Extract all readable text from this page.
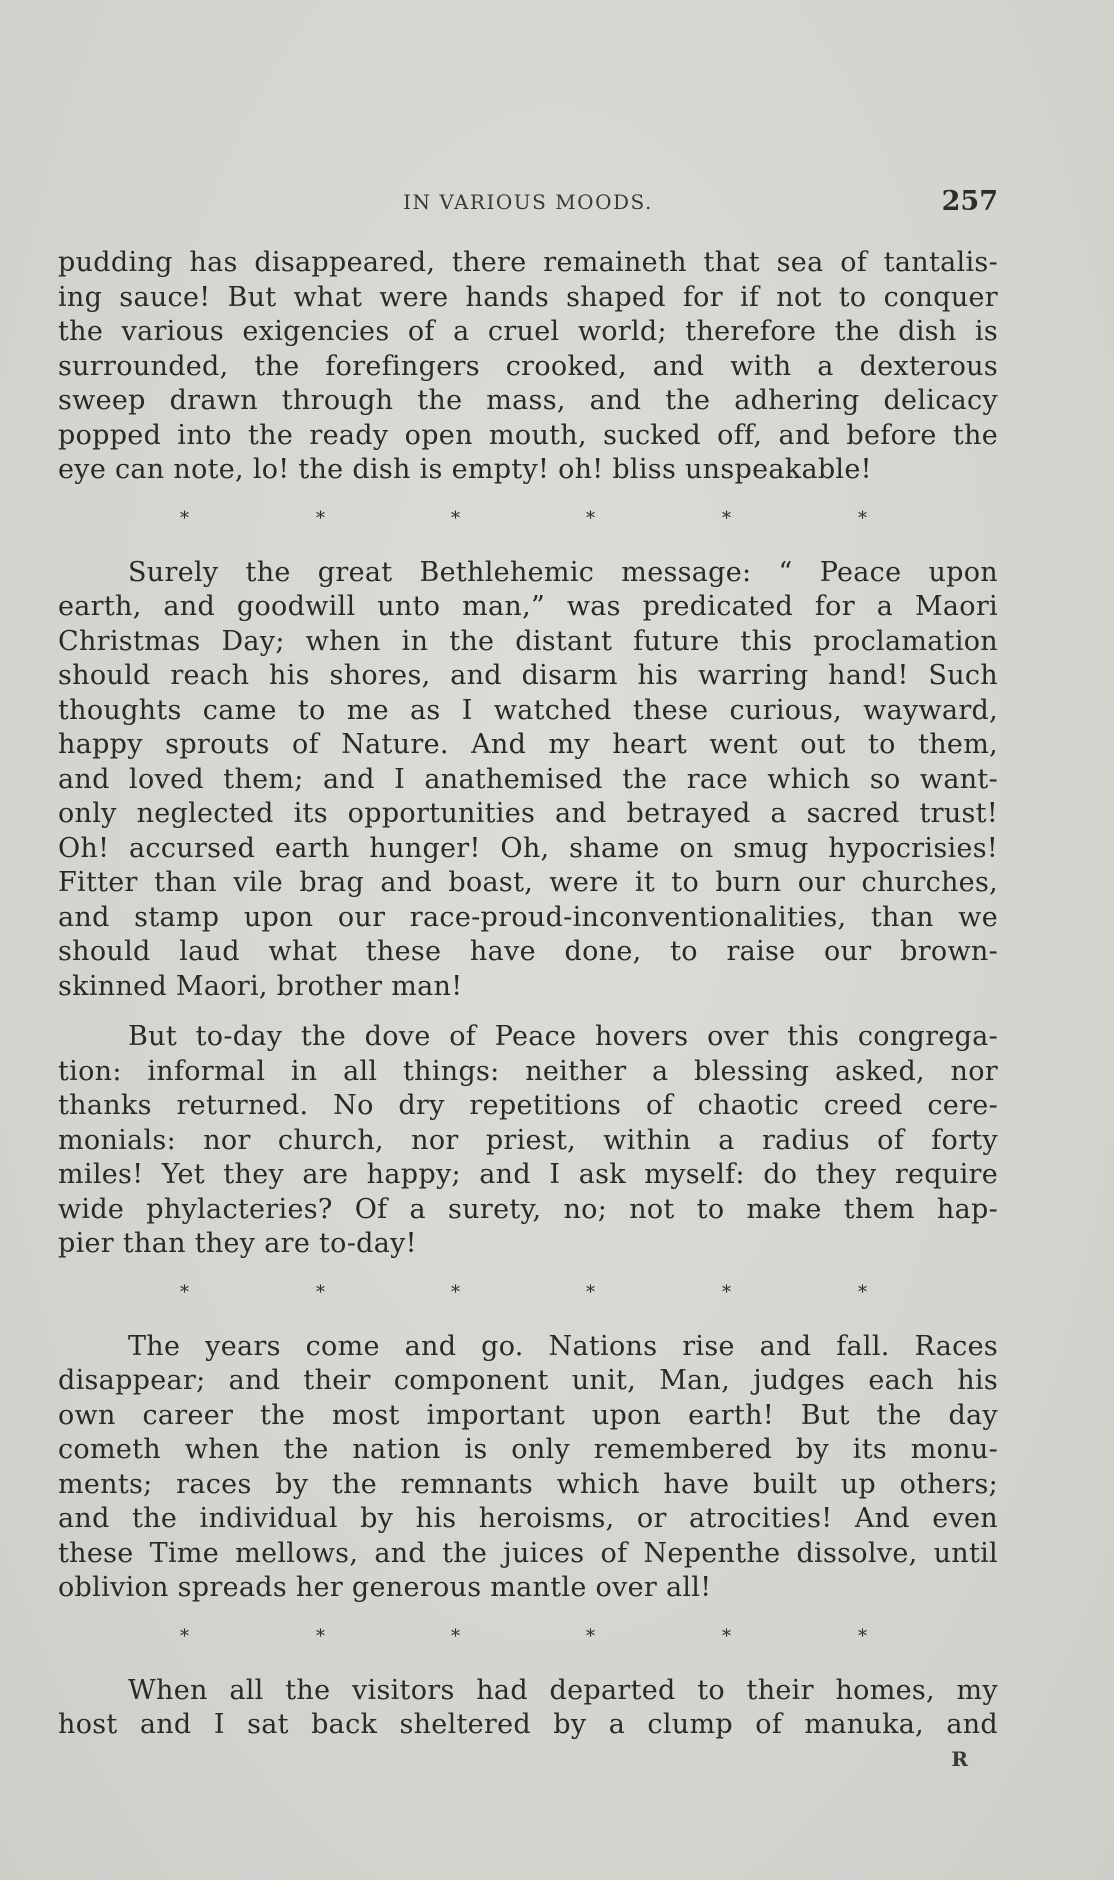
IN VARIOUS MOODS.	257
pudding has disappeared, there remaineth that sea of tantalis-
ing sauce! But what were hands shaped for if not to conquer
the various exigencies of a cruel world; therefore the dish is
surrounded, the forefingers crooked, and with a dexterous
sweep drawn through the mass, and the adhering delicacy
popped into the ready open mouth, sucked off, and before the
eye can note, lo! the dish is empty! oh! bliss unspeakable!
*	*	*	*	*	*
Surely the great Bethlehemic message: “ Peace upon
earth, and goodwill unto man,” was predicated for a Maori
Christmas Day; when in the distant future this proclamation
should reach his shores, and disarm his warring hand! Such
thoughts came to me as I watched these curious, wayward,
happy sprouts of Nature. And my heart went out to them,
and loved them; and I anathemised the race which so want-
only neglected its opportunities and betrayed a sacred trust!
Oh! accursed earth hunger! Oh, shame on smug hypocrisies!
Fitter than vile brag and boast, were it to burn our churches,
and stamp upon our race-proud-inconventionalities, than we
should laud what these have done, to raise our brown-
skinned Maori, brother man!
But to-day the dove of Peace hovers over this congrega-
tion: informal in all things: neither a blessing asked, nor
thanks returned. No dry repetitions of chaotic creed cere-
monials: nor church, nor priest, within a radius of forty
miles! Yet they are happy; and I ask myself: do they require
wide phylacteries? Of a surety, no; not to make them hap-
pier than they are to-day!
*	*	*	*	*	*
The years come and go. Nations rise and fall. Races
disappear; and their component unit, Man, judges each his
own career the most important upon earth! But the day
cometh when the nation is only remembered by its monu-
ments; races by the remnants which have built up others;
and the individual by his heroisms, or atrocities! And even
these Time mellows, and the juices of Nepenthe dissolve, until
oblivion spreads her generous mantle over all!
*	*	*	*	*	*
When all the visitors had departed to their homes, my
host and I sat back sheltered by a clump of manuka, and
R
